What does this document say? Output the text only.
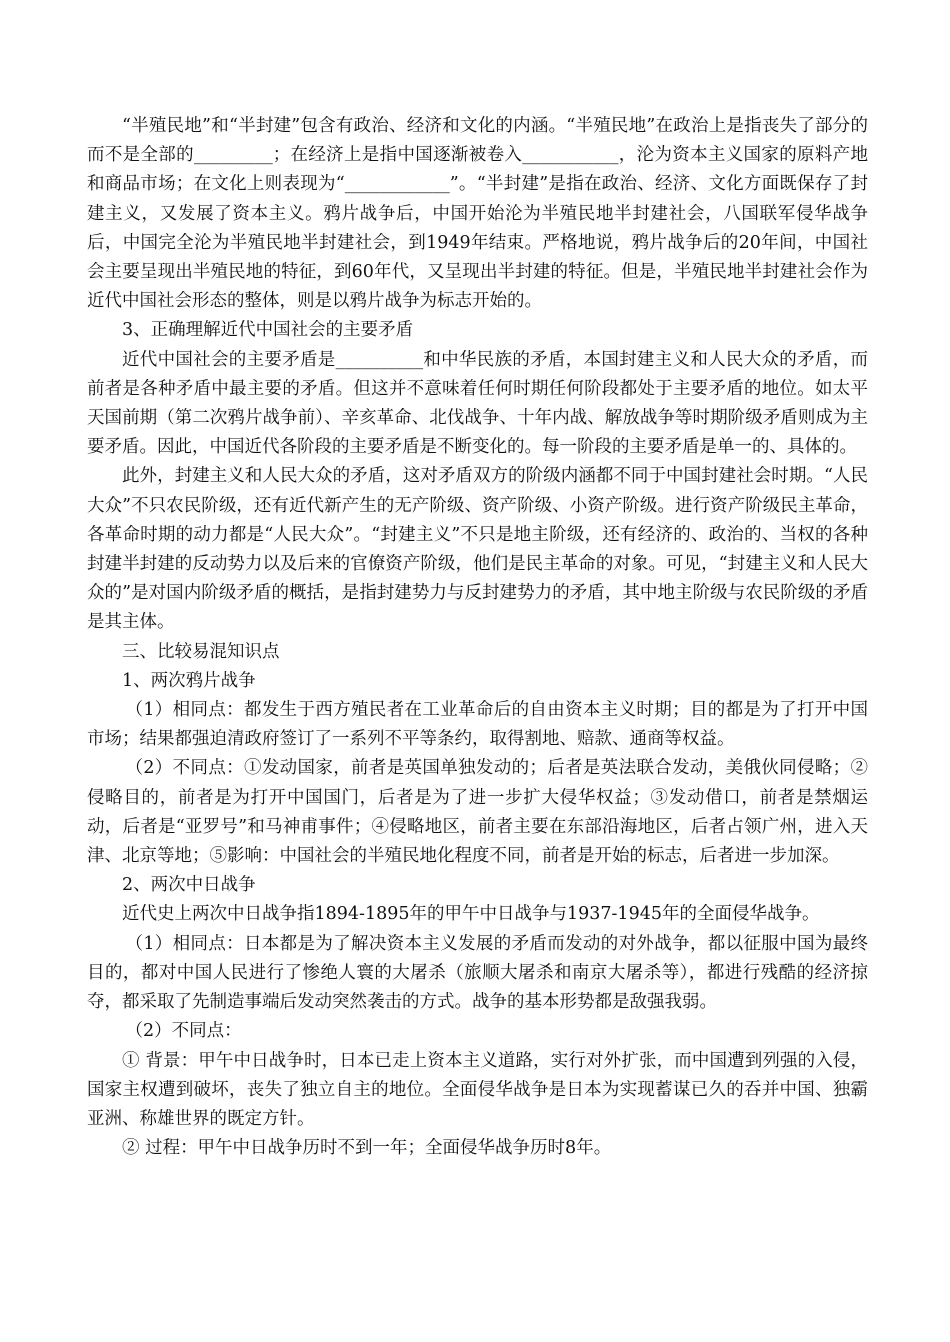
“半殖民地”和“半封建”包含有政治、经济和文化的内涵。“半殖民地”在政治上是指丧失了部分的而不是全部的_________；在经济上是指中国逐渐被卷入___________，沦为资本主义国家的原料产地和商品市场；在文化上则表现为“____________”。“半封建”是指在政治、经济、文化方面既保存了封建主义，又发展了资本主义。鸦片战争后，中国开始沦为半殖民地半封建社会，八国联军侵华战争后，中国完全沦为半殖民地半封建社会，到1949年结束。严格地说，鸦片战争后的20年间，中国社会主要呈现出半殖民地的特征，到60年代，又呈现出半封建的特征。但是，半殖民地半封建社会作为近代中国社会形态的整体，则是以鸦片战争为标志开始的。

3、正确理解近代中国社会的主要矛盾

近代中国社会的主要矛盾是__________和中华民族的矛盾，本国封建主义和人民大众的矛盾，而前者是各种矛盾中最主要的矛盾。但这并不意味着任何时期任何阶段都处于主要矛盾的地位。如太平天国前期（第二次鸦片战争前）、辛亥革命、北伐战争、十年内战、解放战争等时期阶级矛盾则成为主要矛盾。因此，中国近代各阶段的主要矛盾是不断变化的。每一阶段的主要矛盾是单一的、具体的。

此外，封建主义和人民大众的矛盾，这对矛盾双方的阶级内涵都不同于中国封建社会时期。“人民大众”不只农民阶级，还有近代新产生的无产阶级、资产阶级、小资产阶级。进行资产阶级民主革命，各革命时期的动力都是“人民大众”。“封建主义”不只是地主阶级，还有经济的、政治的、当权的各种封建半封建的反动势力以及后来的官僚资产阶级，他们是民主革命的对象。可见，“封建主义和人民大众的”是对国内阶级矛盾的概括，是指封建势力与反封建势力的矛盾，其中地主阶级与农民阶级的矛盾是其主体。

三、比较易混知识点

1、两次鸦片战争

（1）相同点：都发生于西方殖民者在工业革命后的自由资本主义时期；目的都是为了打开中国市场；结果都强迫清政府签订了一系列不平等条约，取得割地、赔款、通商等权益。

（2）不同点：①发动国家，前者是英国单独发动的；后者是英法联合发动，美俄伙同侵略；②侵略目的，前者是为打开中国国门，后者是为了进一步扩大侵华权益；③发动借口，前者是禁烟运动，后者是“亚罗号”和马神甫事件；④侵略地区，前者主要在东部沿海地区，后者占领广州，进入天津、北京等地；⑤影响：中国社会的半殖民地化程度不同，前者是开始的标志，后者进一步加深。

2、两次中日战争

近代史上两次中日战争指1894-1895年的甲午中日战争与1937-1945年的全面侵华战争。

（1）相同点：日本都是为了解决资本主义发展的矛盾而发动的对外战争，都以征服中国为最终目的，都对中国人民进行了惨绝人寰的大屠杀（旅顺大屠杀和南京大屠杀等），都进行残酷的经济掠夺，都采取了先制造事端后发动突然袭击的方式。战争的基本形势都是敌强我弱。

（2）不同点：

① 背景：甲午中日战争时，日本已走上资本主义道路，实行对外扩张，而中国遭到列强的入侵，国家主权遭到破坏，丧失了独立自主的地位。全面侵华战争是日本为实现蓄谋已久的吞并中国、独霸亚洲、称雄世界的既定方针。

② 过程：甲午中日战争历时不到一年；全面侵华战争历时8年。
